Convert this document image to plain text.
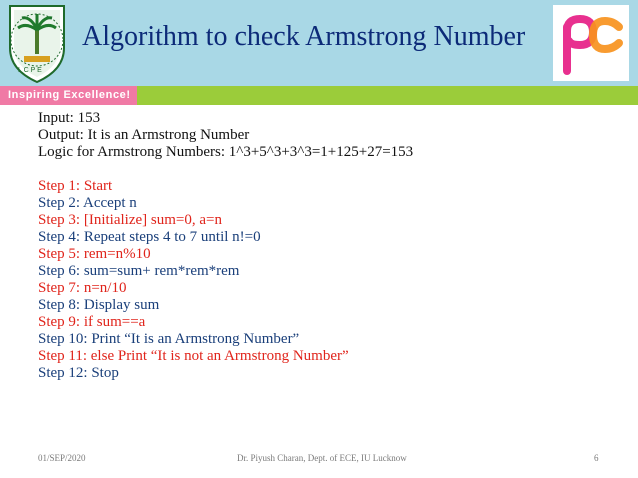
L C P E
Algorithm to check Armstrong Number
Inspiring Excellence!
Input: 153
Output: It is an Armstrong Number
Logic for Armstrong Numbers: 1^3+5^3+3^3=1+125+27=153
Step 1: Start
Step 2: Accept n
Step 3: [Initialize] sum=0, a=n
Step 4: Repeat steps 4 to 7 until n!=0
Step 5: rem=n%10
Step 6: sum=sum+ rem*rem*rem
Step 7: n=n/10
Step 8: Display sum
Step 9: if sum==a
Step 10: Print “It is an Armstrong Number”
Step 11: else Print “It is not an Armstrong Number”
Step 12: Stop
01/SEP/2020	Dr. Piyush Charan, Dept. of ECE, IU Lucknow	6
